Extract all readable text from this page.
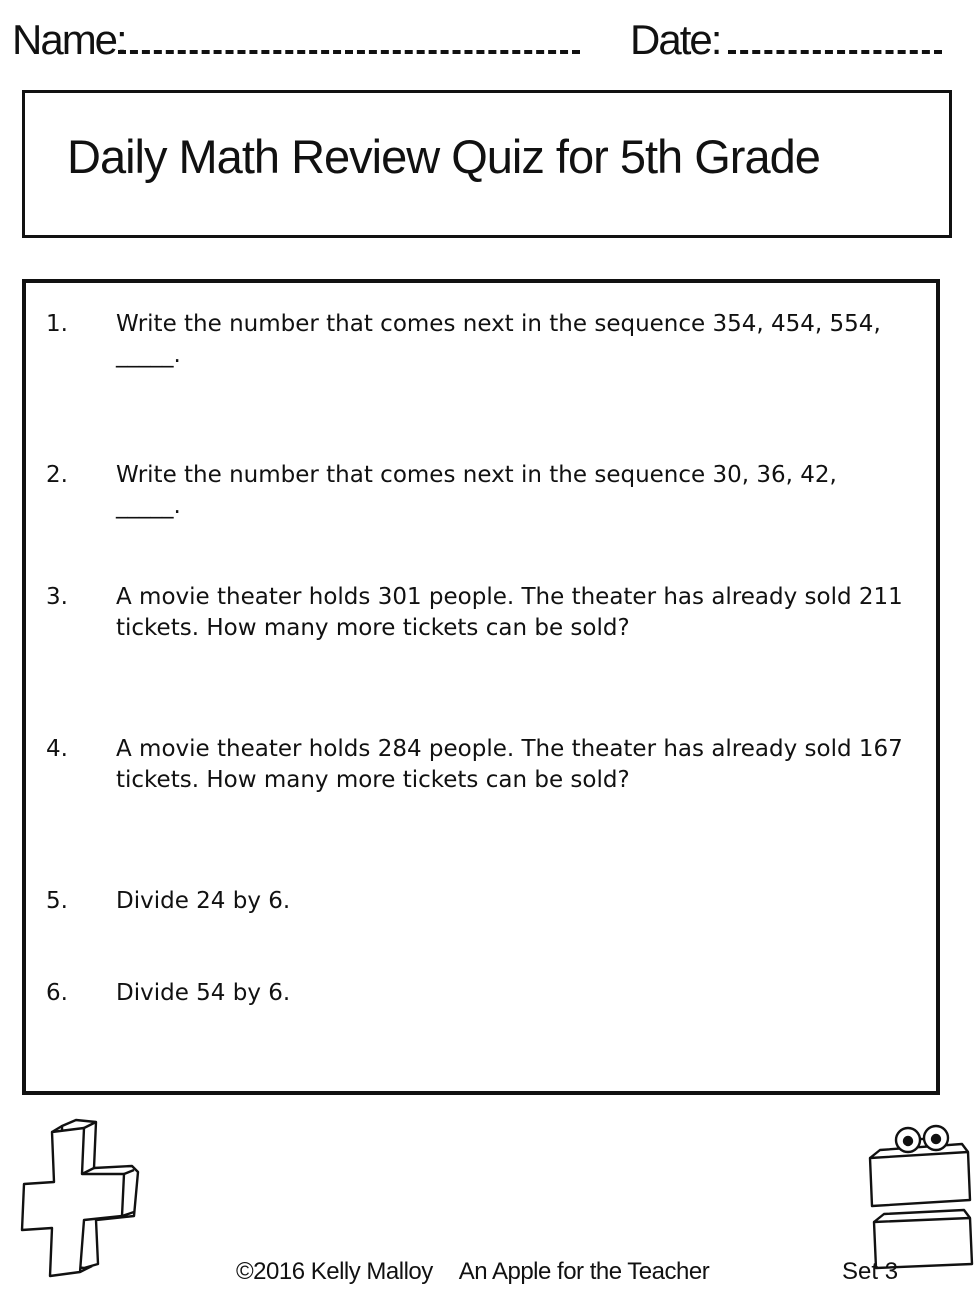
Name:	Date:
Daily Math Review Quiz for 5th Grade
1. Write the number that comes next in the sequence 354, 454, 554,
_____.
2. Write the number that comes next in the sequence 30, 36, 42,
_____.
3. A movie theater holds 301 people. The theater has already sold 211 tickets. How many more tickets can be sold?
4. A movie theater holds 284 people. The theater has already sold 167 tickets. How many more tickets can be sold?
5. Divide 24 by 6.
6. Divide 54 by 6.
©2016 Kelly Malloy An Apple for the Teacher	Set 3
